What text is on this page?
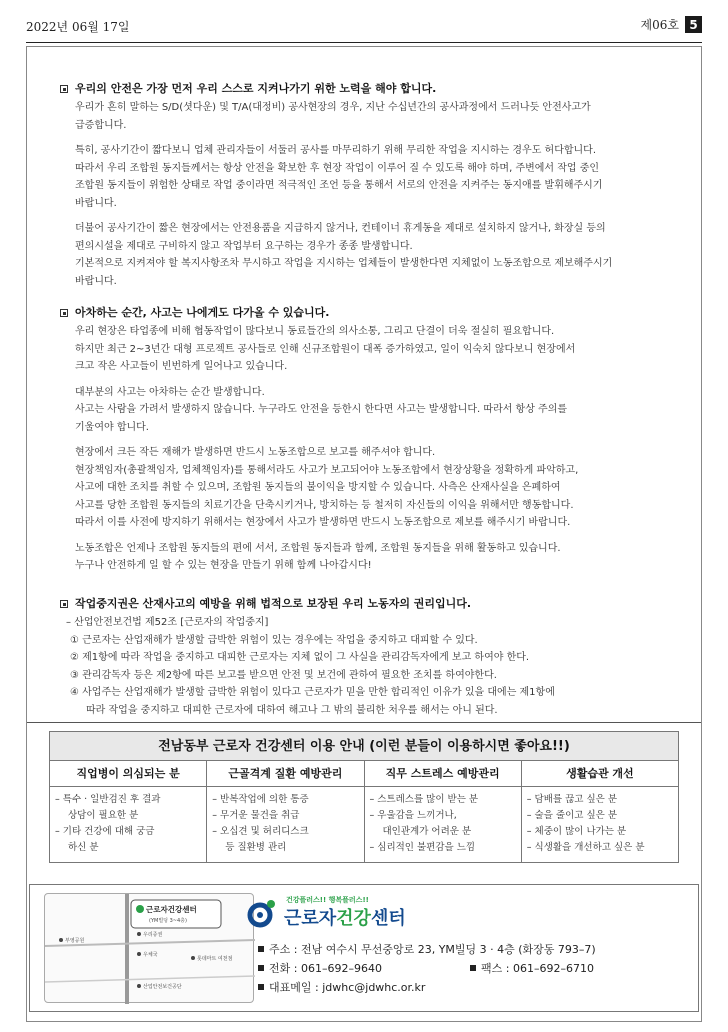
2022년 06월 17일	제06호 5
우리의 안전은 가장 먼저 우리 스스로 지켜나가기 위한 노력을 해야 합니다.
우리가 흔히 말하는 S/D(셧다운) 및 T/A(대정비) 공사현장의 경우, 지난 수십년간의 공사과정에서 드러나듯 안전사고가
급증합니다.
특히, 공사기간이 짧다보니 업체 관리자들이 서둘러 공사를 마무리하기 위해 무리한 작업을 지시하는 경우도 허다합니다.
따라서 우리 조합원 동지들께서는 항상 안전을 확보한 후 현장 작업이 이루어 질 수 있도록 해야 하며, 주변에서 작업 중인
조합원 동지들이 위험한 상태로 작업 중이라면 적극적인 조언 등을 통해서 서로의 안전을 지켜주는 동지애를 발휘해주시기
바랍니다.
더불어 공사기간이 짧은 현장에서는 안전용품을 지급하지 않거나, 컨테이너 휴게동을 제대로 설치하지 않거나, 화장실 등의
편의시설을 제대로 구비하지 않고 작업부터 요구하는 경우가 종종 발생합니다.
기본적으로 지켜져야 할 복지사항조차 무시하고 작업을 지시하는 업체들이 발생한다면 지체없이 노동조합으로 제보해주시기
바랍니다.
아차하는 순간, 사고는 나에게도 다가올 수 있습니다.
우리 현장은 타업종에 비해 협동작업이 많다보니 동료들간의 의사소통, 그리고 단결이 더욱 절실히 필요합니다.
하지만 최근 2~3년간 대형 프로젝트 공사들로 인해 신규조합원이 대폭 증가하였고, 일이 익숙치 않다보니 현장에서
크고 작은 사고들이 빈번하게 일어나고 있습니다.
대부분의 사고는 아차하는 순간 발생합니다.
사고는 사람을 가려서 발생하지 않습니다. 누구라도 안전을 등한시 한다면 사고는 발생합니다. 따라서 항상 주의를
기울여야 합니다.
현장에서 크든 작든 재해가 발생하면 반드시 노동조합으로 보고를 해주셔야 합니다.
현장책임자(총괄책임자, 업체책임자)를 통해서라도 사고가 보고되어야 노동조합에서 현장상황을 정확하게 파악하고,
사고에 대한 조치를 취할 수 있으며, 조합원 동지들의 불이익을 방지할 수 있습니다. 사측은 산재사실을 은폐하여
사고를 당한 조합원 동지들의 치료기간을 단축시키거나, 방치하는 등 철저히 자신들의 이익을 위해서만 행동합니다.
따라서 이를 사전에 방지하기 위해서는 현장에서 사고가 발생하면 반드시 노동조합으로 제보를 해주시기 바랍니다.
노동조합은 언제나 조합원 동지들의 편에 서서, 조합원 동지들과 함께, 조합원 동지들을 위해 활동하고 있습니다.
누구나 안전하게 일 할 수 있는 현장을 만들기 위해 함께 나아갑시다!
작업중지권은 산재사고의 예방을 위해 법적으로 보장된 우리 노동자의 권리입니다.
– 산업안전보건법 제52조 [근로자의 작업중지]
① 근로자는 산업재해가 발생할 급박한 위험이 있는 경우에는 작업을 중지하고 대피할 수 있다.
② 제1항에 따라 작업을 중지하고 대피한 근로자는 지체 없이 그 사실을 관리감독자에게 보고 하여야 한다.
③ 관리감독자 등은 제2항에 따른 보고를 받으면 안전 및 보건에 관하여 필요한 조치를 하여야한다.
④ 사업주는 산업재해가 발생할 급박한 위험이 있다고 근로자가 믿을 만한 합리적인 이유가 있을 대에는 제1항에
따라 작업을 중지하고 대피한 근로자에 대하여 해고나 그 밖의 불리한 처우를 해서는 아니 된다.
전남동부 근로자 건강센터 이용 안내 (이런 분들이 이용하시면 좋아요!!)
직업병이 의심되는 분
– 특수 · 일반검진 후 결과
상담이 필요한 분
– 기타 건강에 대해 궁금
하신 분
근골격계 질환 예방관리
– 반복작업에 의한 통증
– 무거운 물건을 취급
– 오십견 및 허리디스크
등 질환병 관리
직무 스트레스 예방관리
– 스트레스를 많이 받는 분
– 우울감을 느끼거나,
대인관계가 어려운 분
– 심리적인 불편감을 느낌
생활습관 개선
– 담배를 끊고 싶은 분
– 술을 줄이고 싶은 분
– 체중이 많이 나가는 분
– 식생활을 개선하고 싶은 분
근로자건강센터
(YM빌딩 3~4층)
부영공원
우리증권
우체국
롯데마트 여천점
산업안전보건공단
건강플러스!! 행복플러스!!
근로자건강센터
주소 : 전남 여수시 무선중앙로 23, YM빌딩 3 · 4층 (화장동 793–7)
전화 : 061–692–9640	팩스 : 061–692–6710
대표메일 : jdwhc@jdwhc.or.kr
